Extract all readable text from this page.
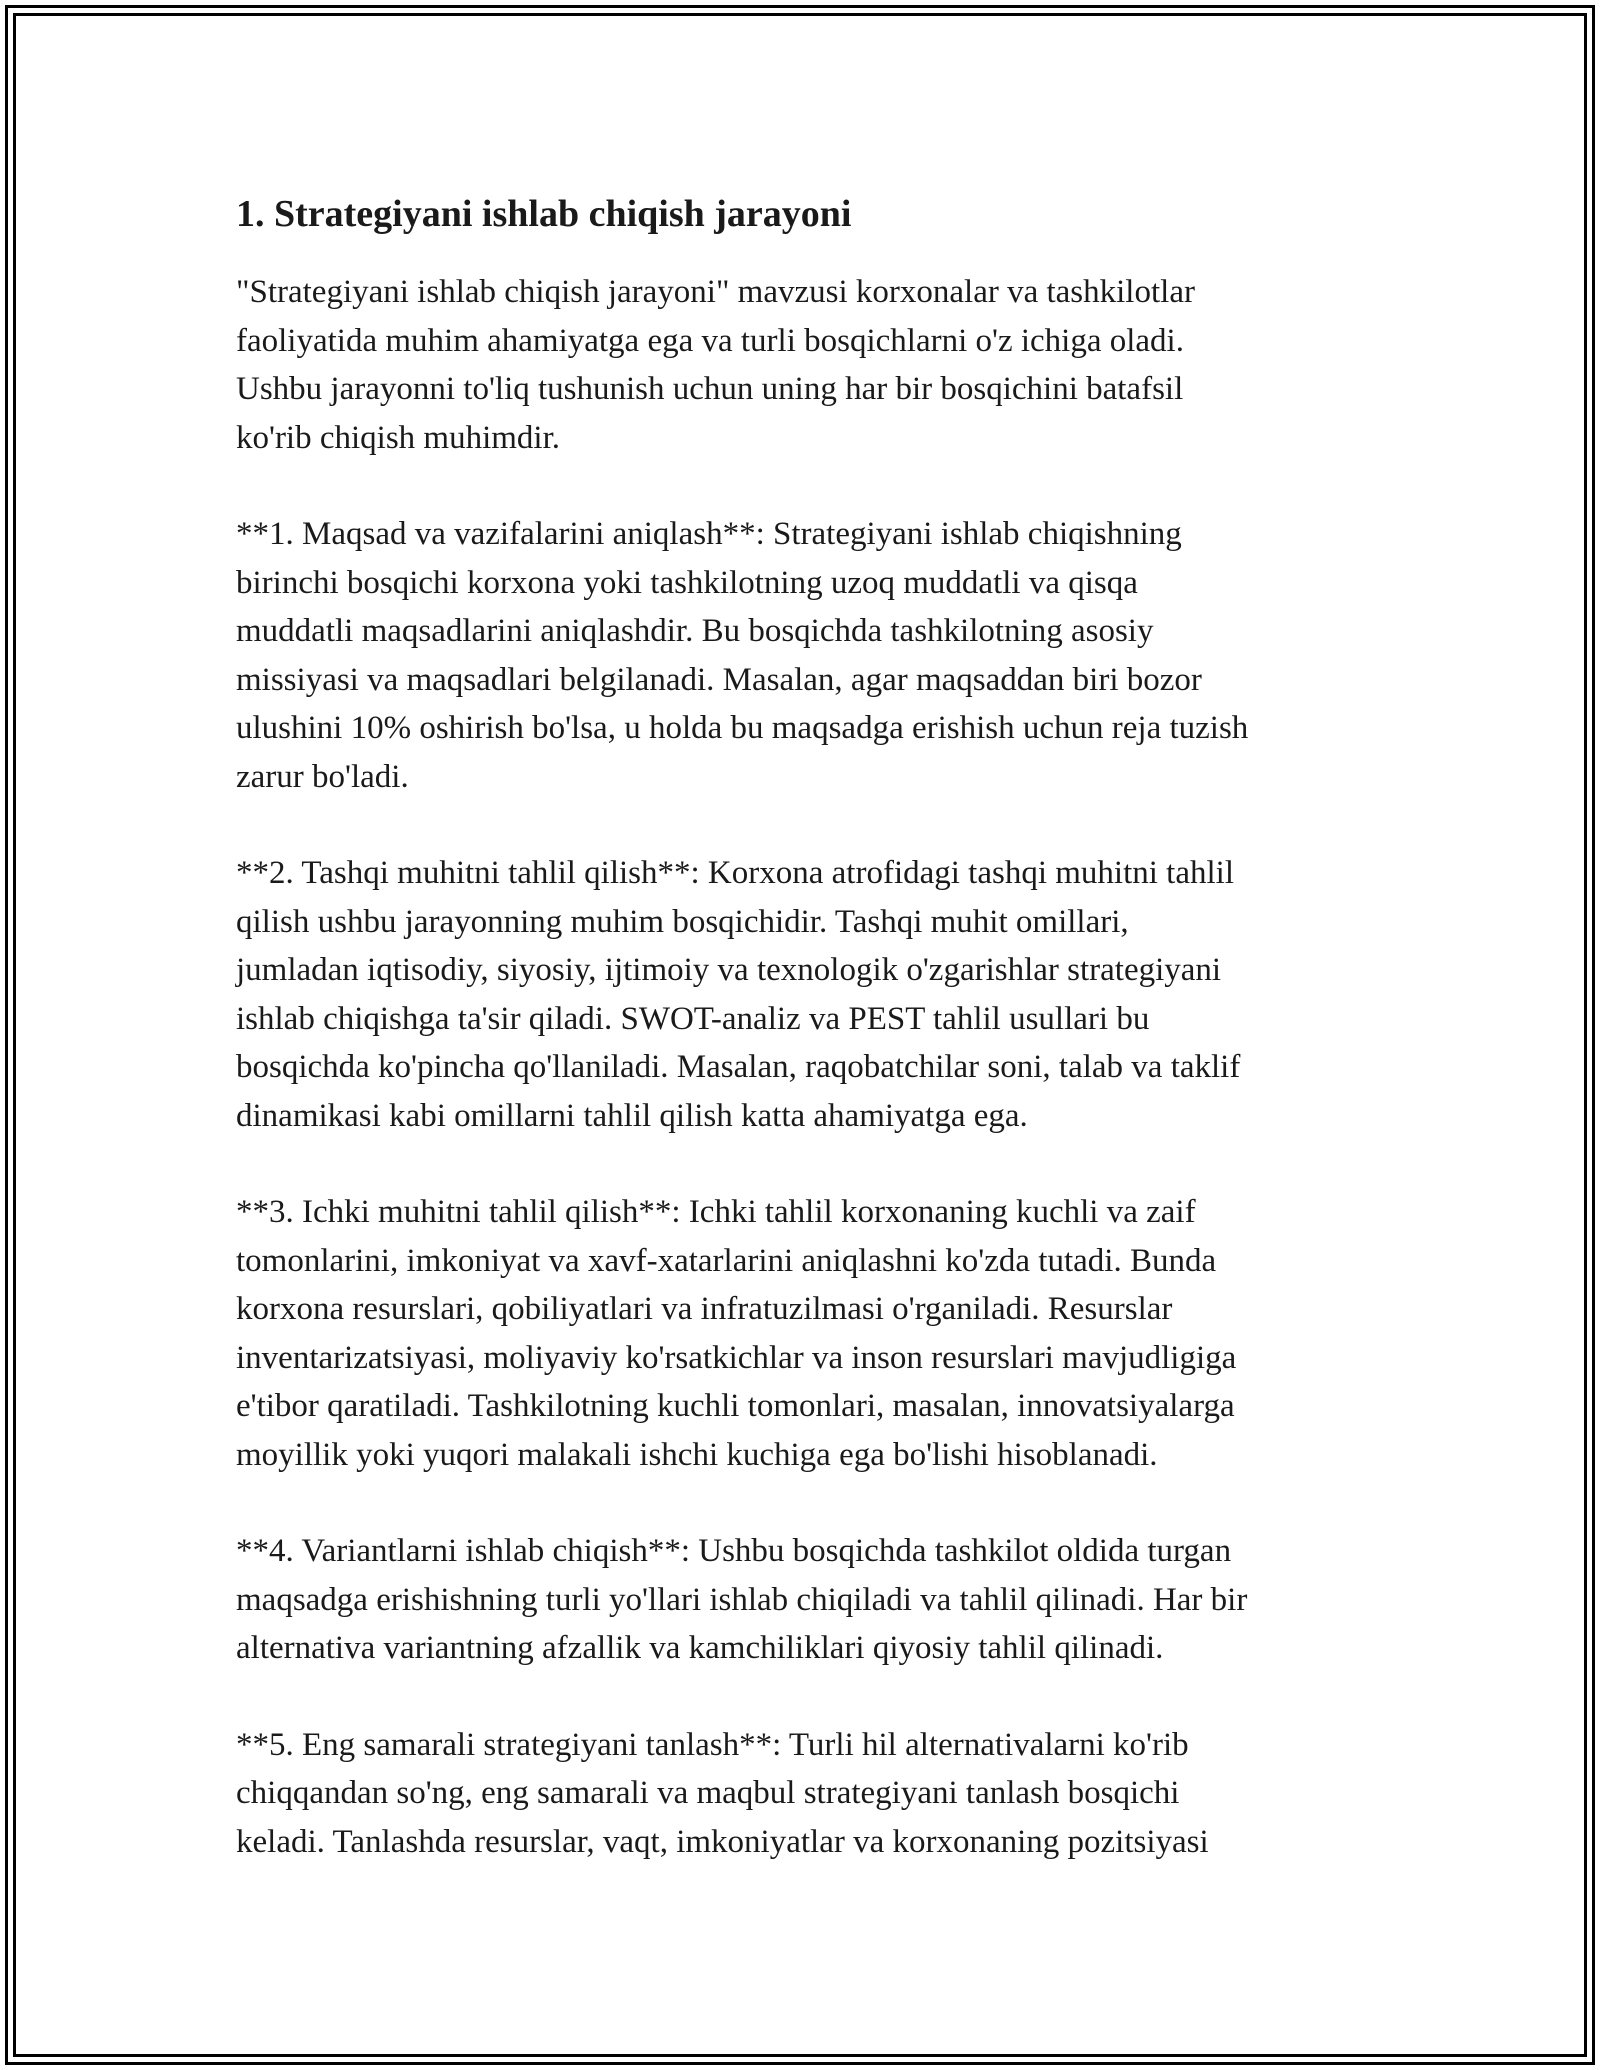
1. Strategiyani ishlab chiqish jarayoni

"Strategiyani ishlab chiqish jarayoni" mavzusi korxonalar va tashkilotlar
faoliyatida muhim ahamiyatga ega va turli bosqichlarni o'z ichiga oladi.
Ushbu jarayonni to'liq tushunish uchun uning har bir bosqichini batafsil
ko'rib chiqish muhimdir.

**1. Maqsad va vazifalarini aniqlash**: Strategiyani ishlab chiqishning
birinchi bosqichi korxona yoki tashkilotning uzoq muddatli va qisqa
muddatli maqsadlarini aniqlashdir. Bu bosqichda tashkilotning asosiy
missiyasi va maqsadlari belgilanadi. Masalan, agar maqsaddan biri bozor
ulushini 10% oshirish bo'lsa, u holda bu maqsadga erishish uchun reja tuzish
zarur bo'ladi.

**2. Tashqi muhitni tahlil qilish**: Korxona atrofidagi tashqi muhitni tahlil
qilish ushbu jarayonning muhim bosqichidir. Tashqi muhit omillari,
jumladan iqtisodiy, siyosiy, ijtimoiy va texnologik o'zgarishlar strategiyani
ishlab chiqishga ta'sir qiladi. SWOT-analiz va PEST tahlil usullari bu
bosqichda ko'pincha qo'llaniladi. Masalan, raqobatchilar soni, talab va taklif
dinamikasi kabi omillarni tahlil qilish katta ahamiyatga ega.

**3. Ichki muhitni tahlil qilish**: Ichki tahlil korxonaning kuchli va zaif
tomonlarini, imkoniyat va xavf-xatarlarini aniqlashni ko'zda tutadi. Bunda
korxona resurslari, qobiliyatlari va infratuzilmasi o'rganiladi. Resurslar
inventarizatsiyasi, moliyaviy ko'rsatkichlar va inson resurslari mavjudligiga
e'tibor qaratiladi. Tashkilotning kuchli tomonlari, masalan, innovatsiyalarga
moyillik yoki yuqori malakali ishchi kuchiga ega bo'lishi hisoblanadi.

**4. Variantlarni ishlab chiqish**: Ushbu bosqichda tashkilot oldida turgan
maqsadga erishishning turli yo'llari ishlab chiqiladi va tahlil qilinadi. Har bir
alternativa variantning afzallik va kamchiliklari qiyosiy tahlil qilinadi.

**5. Eng samarali strategiyani tanlash**: Turli hil alternativalarni ko'rib
chiqqandan so'ng, eng samarali va maqbul strategiyani tanlash bosqichi
keladi. Tanlashda resurslar, vaqt, imkoniyatlar va korxonaning pozitsiyasi
